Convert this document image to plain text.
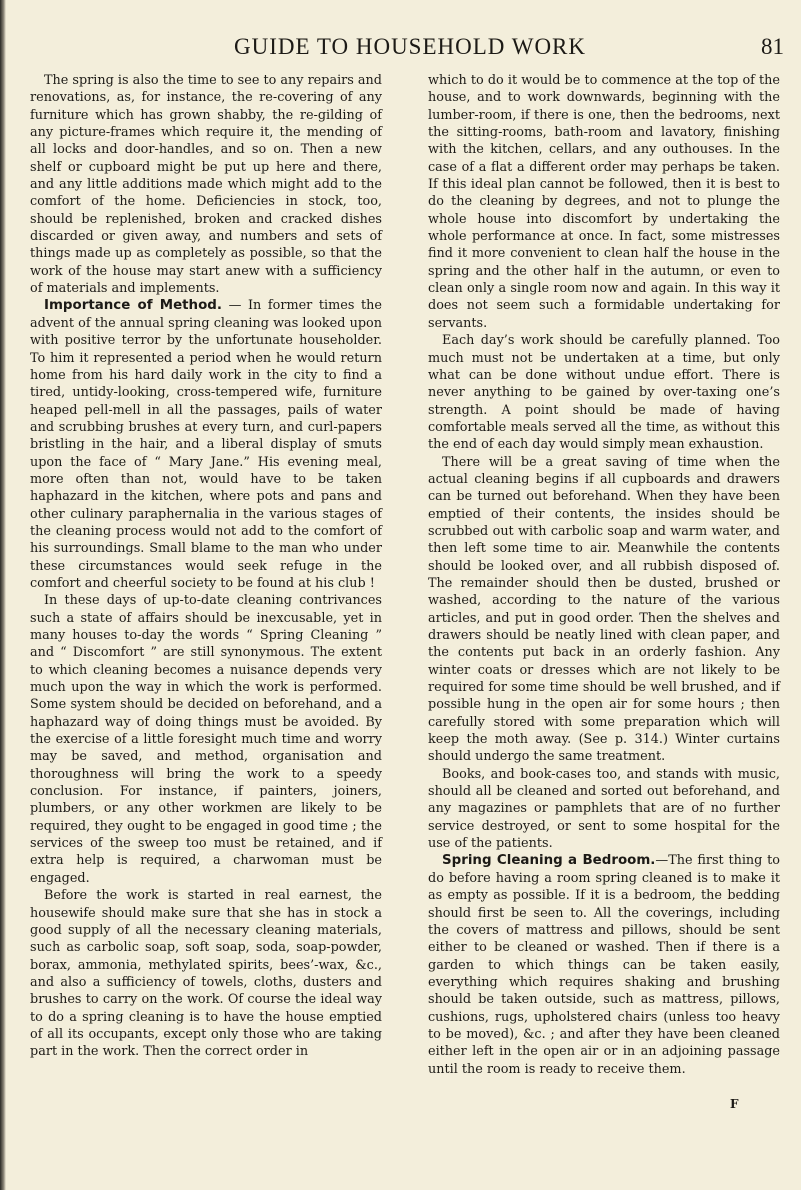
GUIDE TO HOUSEHOLD WORK	81

The spring is also the time to see to any repairs and renovations, as, for instance, the re-covering of any furniture which has grown shabby, the re-gilding of any picture-frames which require it, the mending of all locks and door-handles, and so on. Then a new shelf or cupboard might be put up here and there, and any little additions made which might add to the comfort of the home. Deficiencies in stock, too, should be replenished, broken and cracked dishes discarded or given away, and numbers and sets of things made up as completely as possible, so that the work of the house may start anew with a sufficiency of materials and implements.

Importance of Method. — In former times the advent of the annual spring cleaning was looked upon with positive terror by the unfortunate householder. To him it represented a period when he would return home from his hard daily work in the city to find a tired, untidy-looking, cross-tempered wife, furniture heaped pell-mell in all the passages, pails of water and scrubbing brushes at every turn, and curl-papers bristling in the hair, and a liberal display of smuts upon the face of “ Mary Jane.” His evening meal, more often than not, would have to be taken haphazard in the kitchen, where pots and pans and other culinary paraphernalia in the various stages of the cleaning process would not add to the comfort of his surroundings. Small blame to the man who under these circumstances would seek refuge in the comfort and cheerful society to be found at his club !

In these days of up-to-date cleaning contrivances such a state of affairs should be inexcusable, yet in many houses to-day the words “ Spring Cleaning ” and “ Discomfort ” are still synonymous. The extent to which cleaning becomes a nuisance depends very much upon the way in which the work is performed. Some system should be decided on beforehand, and a haphazard way of doing things must be avoided. By the exercise of a little foresight much time and worry may be saved, and method, organisation and thoroughness will bring the work to a speedy conclusion. For instance, if painters, joiners, plumbers, or any other workmen are likely to be required, they ought to be engaged in good time ; the services of the sweep too must be retained, and if extra help is required, a charwoman must be engaged.

Before the work is started in real earnest, the housewife should make sure that she has in stock a good supply of all the necessary cleaning materials, such as carbolic soap, soft soap, soda, soap-powder, borax, ammonia, methylated spirits, bees’-wax, &c., and also a sufficiency of towels, cloths, dusters and brushes to carry on the work. Of course the ideal way to do a spring cleaning is to have the house emptied of all its occupants, except only those who are taking part in the work. Then the correct order in

which to do it would be to commence at the top of the house, and to work downwards, beginning with the lumber-room, if there is one, then the bedrooms, next the sitting-rooms, bath-room and lavatory, finishing with the kitchen, cellars, and any outhouses. In the case of a flat a different order may perhaps be taken. If this ideal plan cannot be followed, then it is best to do the cleaning by degrees, and not to plunge the whole house into discomfort by undertaking the whole performance at once. In fact, some mistresses find it more convenient to clean half the house in the spring and the other half in the autumn, or even to clean only a single room now and again. In this way it does not seem such a formidable undertaking for servants.

Each day’s work should be carefully planned. Too much must not be undertaken at a time, but only what can be done without undue effort. There is never anything to be gained by over-taxing one’s strength. A point should be made of having comfortable meals served all the time, as without this the end of each day would simply mean exhaustion.

There will be a great saving of time when the actual cleaning begins if all cupboards and drawers can be turned out beforehand. When they have been emptied of their contents, the insides should be scrubbed out with carbolic soap and warm water, and then left some time to air. Meanwhile the contents should be looked over, and all rubbish disposed of. The remainder should then be dusted, brushed or washed, according to the nature of the various articles, and put in good order. Then the shelves and drawers should be neatly lined with clean paper, and the contents put back in an orderly fashion. Any winter coats or dresses which are not likely to be required for some time should be well brushed, and if possible hung in the open air for some hours ; then carefully stored with some preparation which will keep the moth away. (See p. 314.) Winter curtains should undergo the same treatment.

Books, and book-cases too, and stands with music, should all be cleaned and sorted out beforehand, and any magazines or pamphlets that are of no further service destroyed, or sent to some hospital for the use of the patients.

Spring Cleaning a Bedroom.—The first thing to do before having a room spring cleaned is to make it as empty as possible. If it is a bedroom, the bedding should first be seen to. All the coverings, including the covers of mattress and pillows, should be sent either to be cleaned or washed. Then if there is a garden to which things can be taken easily, everything which requires shaking and brushing should be taken outside, such as mattress, pillows, cushions, rugs, upholstered chairs (unless too heavy to be moved), &c. ; and after they have been cleaned either left in the open air or in an adjoining passage until the room is ready to receive them.

F
